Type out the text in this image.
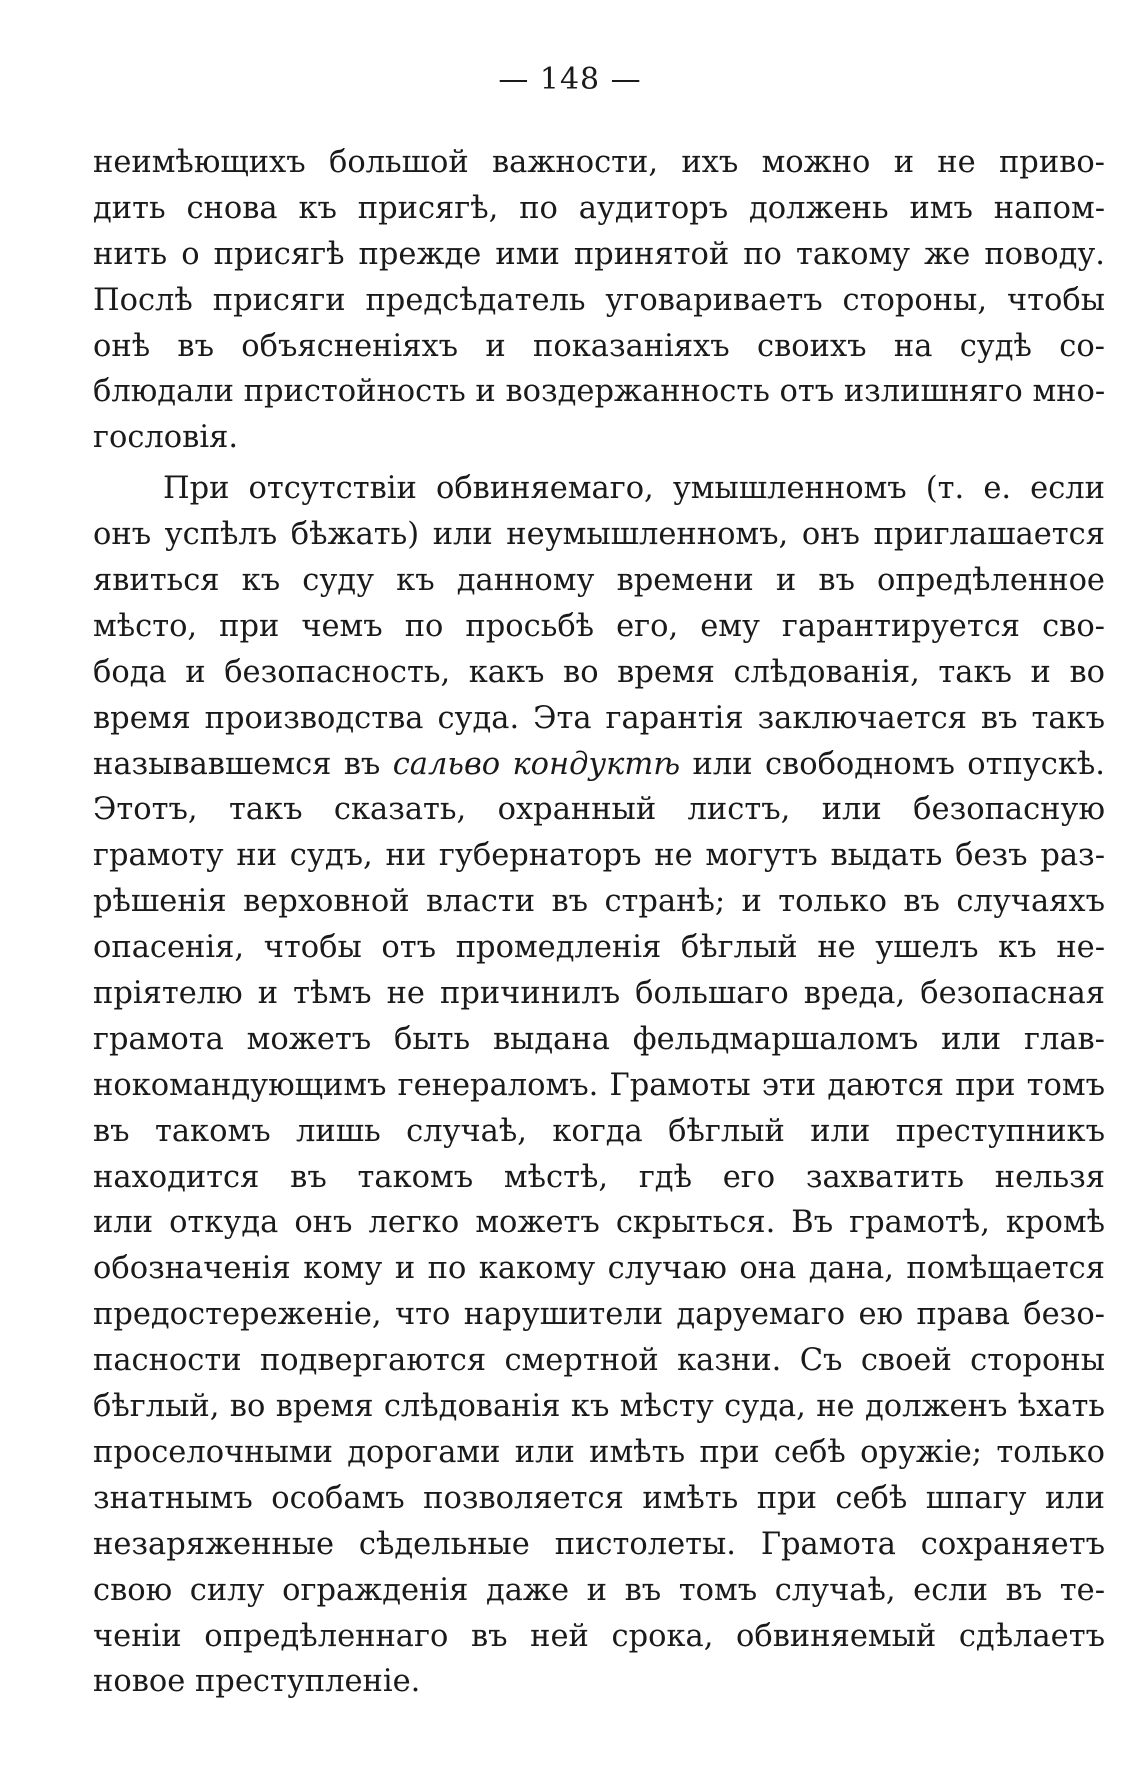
— 148 —
неимѣющихъ большой важности, ихъ можно и не приво-
дить снова къ присягѣ, по аудиторъ должень имъ напом-
нить о присягѣ прежде ими принятой по такому же поводу.
Послѣ присяги предсѣдатель уговариваетъ стороны, чтобы
онѣ въ объясненіяхъ и показаніяхъ своихъ на судѣ со-
блюдали пристойность и воздержанность отъ излишняго мно-
гословія.
При отсутствіи обвиняемаго, умышленномъ (т. е. если
онъ успѣлъ бѣжать) или неумышленномъ, онъ приглашается
явиться къ суду къ данному времени и въ опредѣленное
мѣсто, при чемъ по просьбѣ его, ему гарантируется сво-
бода и безопасность, какъ во время слѣдованія, такъ и во
время производства суда. Эта гарантія заключается въ такъ
называвшемся въ сальво кондуктѣ или свободномъ отпускѣ.
Этотъ, такъ сказать, охранный листъ, или безопасную
грамоту ни судъ, ни губернаторъ не могутъ выдать безъ раз-
рѣшенія верховной власти въ странѣ; и только въ случаяхъ
опасенія, чтобы отъ промедленія бѣглый не ушелъ къ не-
пріятелю и тѣмъ не причинилъ большаго вреда, безопасная
грамота можетъ быть выдана фельдмаршаломъ или глав-
нокомандующимъ генераломъ. Грамоты эти даются при томъ
въ такомъ лишь случаѣ, когда бѣглый или преступникъ
находится въ такомъ мѣстѣ, гдѣ его захватить нельзя
или откуда онъ легко можетъ скрыться. Въ грамотѣ, кромѣ
обозначенія кому и по какому случаю она дана, помѣщается
предостереженіе, что нарушители даруемаго ею права безо-
пасности подвергаются смертной казни. Съ своей стороны
бѣглый, во время слѣдованія къ мѣсту суда, не долженъ ѣхать
проселочными дорогами или имѣть при себѣ оружіе; только
знатнымъ особамъ позволяется имѣть при себѣ шпагу или
незаряженные сѣдельные пистолеты. Грамота сохраняетъ
свою силу огражденія даже и въ томъ случаѣ, если въ те-
ченіи опредѣленнаго въ ней срока, обвиняемый сдѣлаетъ
новое преступленіе.
